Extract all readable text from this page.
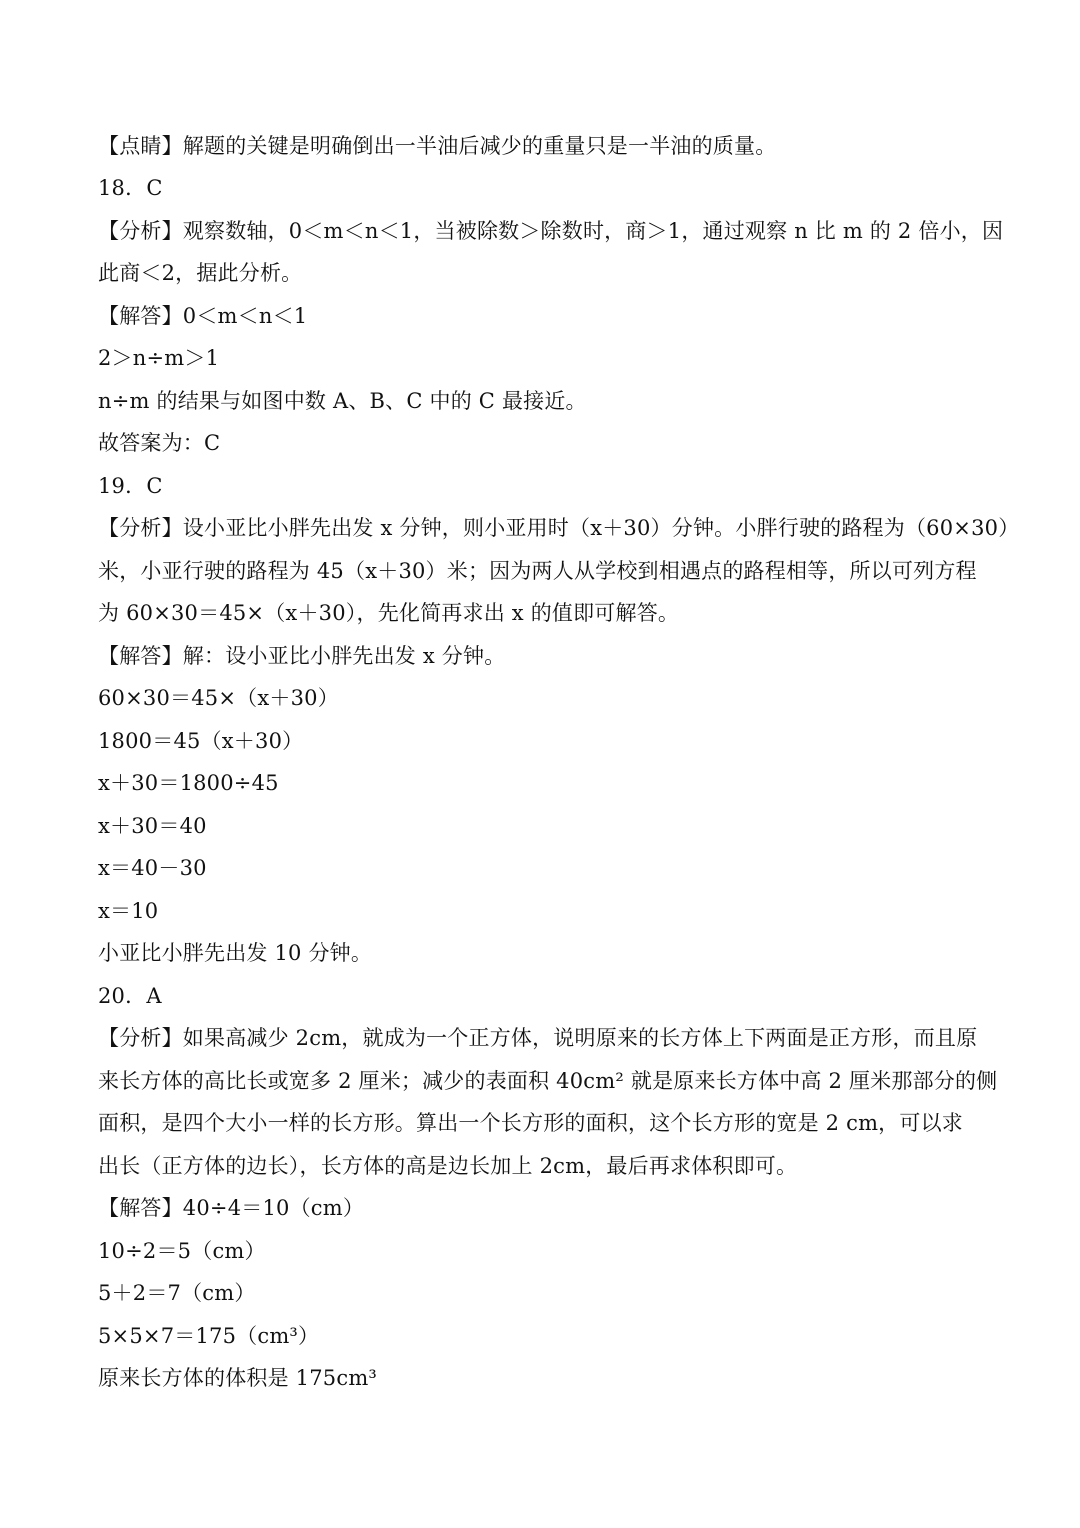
【点睛】解题的关键是明确倒出一半油后减少的重量只是一半油的质量。
18．C
【分析】观察数轴，0＜m＜n＜1，当被除数＞除数时，商＞1，通过观察 n 比 m 的 2 倍小，因
此商＜2，据此分析。
【解答】0＜m＜n＜1
2＞n÷m＞1
n÷m 的结果与如图中数 A、B、C 中的 C 最接近。
故答案为：C
19．C
【分析】设小亚比小胖先出发 x 分钟，则小亚用时（x＋30）分钟。小胖行驶的路程为（60×30）
米，小亚行驶的路程为 45（x＋30）米；因为两人从学校到相遇点的路程相等，所以可列方程
为 60×30＝45×（x＋30），先化简再求出 x 的值即可解答。
【解答】解：设小亚比小胖先出发 x 分钟。
60×30＝45×（x＋30）
1800＝45（x＋30）
x＋30＝1800÷45
x＋30＝40
x＝40－30
x＝10
小亚比小胖先出发 10 分钟。
20．A
【分析】如果高减少 2cm，就成为一个正方体，说明原来的长方体上下两面是正方形，而且原
来长方体的高比长或宽多 2 厘米；减少的表面积 40cm² 就是原来长方体中高 2 厘米那部分的侧
面积，是四个大小一样的长方形。算出一个长方形的面积，这个长方形的宽是 2 cm，可以求
出长（正方体的边长），长方体的高是边长加上 2cm，最后再求体积即可。
【解答】40÷4＝10（cm）
10÷2＝5（cm）
5＋2＝7（cm）
5×5×7＝175（cm³）
原来长方体的体积是 175cm³
